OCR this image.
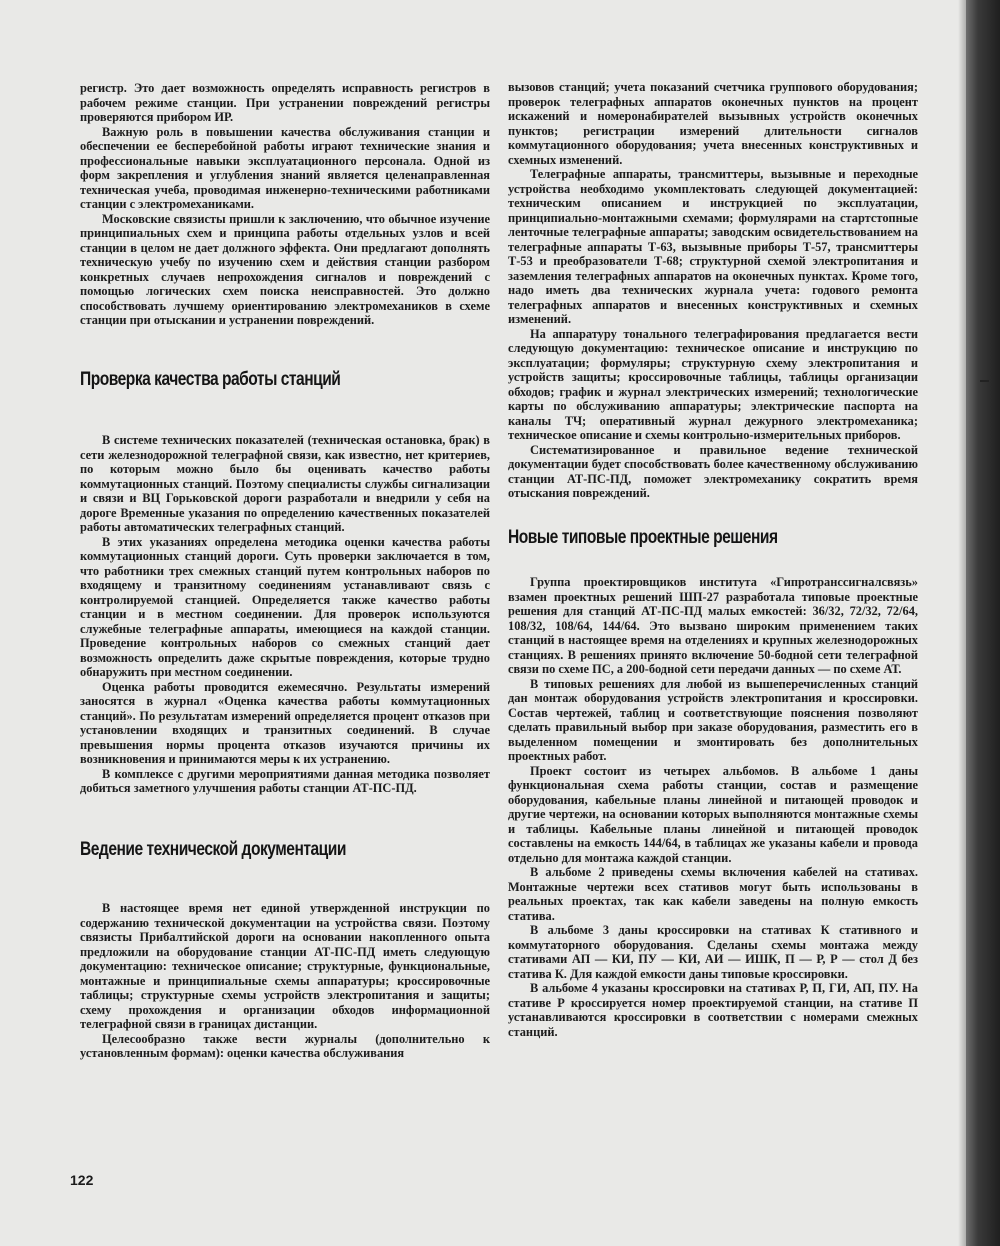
регистр. Это дает возможность определять исправность регистров в рабочем режиме станции. При устранении повреждений регистры проверяются прибором ИР.

Важную роль в повышении качества обслуживания станции и обеспечении ее бесперебойной работы играют технические знания и профессиональные навыки эксплуатационного персонала. Одной из форм закрепления и углубления знаний является целенаправленная техническая учеба, проводимая инженерно-техническими работниками станции с электромеханиками.

Московские связисты пришли к заключению, что обычное изучение принципиальных схем и принципа работы отдельных узлов и всей станции в целом не дает должного эффекта. Они предлагают дополнять техническую учебу по изучению схем и действия станции разбором конкретных случаев непрохождения сигналов и повреждений с помощью логических схем поиска неисправностей. Это должно способствовать лучшему ориентированию электромехаников в схеме станции при отыскании и устранении повреждений.

Проверка качества работы станций

В системе технических показателей (техническая остановка, брак) в сети железнодорожной телеграфной связи, как известно, нет критериев, по которым можно было бы оценивать качество работы коммутационных станций. Поэтому специалисты службы сигнализации и связи и ВЦ Горьковской дороги разработали и внедрили у себя на дороге Временные указания по определению качественных показателей работы автоматических телеграфных станций.

В этих указаниях определена методика оценки качества работы коммутационных станций дороги. Суть проверки заключается в том, что работники трех смежных станций путем контрольных наборов по входящему и транзитному соединениям устанавливают связь с контролируемой станцией. Определяется также качество работы станции и в местном соединении. Для проверок используются служебные телеграфные аппараты, имеющиеся на каждой станции. Проведение контрольных наборов со смежных станций дает возможность определить даже скрытые повреждения, которые трудно обнаружить при местном соединении.

Оценка работы проводится ежемесячно. Результаты измерений заносятся в журнал «Оценка качества работы коммутационных станций». По результатам измерений определяется процент отказов при установлении входящих и транзитных соединений. В случае превышения нормы процента отказов изучаются причины их возникновения и принимаются меры к их устранению.

В комплексе с другими мероприятиями данная методика позволяет добиться заметного улучшения работы станции АТ-ПС-ПД.

Ведение технической документации

В настоящее время нет единой утвержденной инструкции по содержанию технической документации на устройства связи. Поэтому связисты Прибалтийской дороги на основании накопленного опыта предложили на оборудование станции АТ-ПС-ПД иметь следующую документацию: техническое описание; структурные, функциональные, монтажные и принципиальные схемы аппаратуры; кроссировочные таблицы; структурные схемы устройств электропитания и защиты; схему прохождения и организации обходов информационной телеграфной связи в границах дистанции.

Целесообразно также вести журналы (дополнительно к установленным формам): оценки качества обслуживания

вызовов станций; учета показаний счетчика группового оборудования; проверок телеграфных аппаратов оконечных пунктов на процент искажений и номеронабирателей вызывных устройств оконечных пунктов; регистрации измерений длительности сигналов коммутационного оборудования; учета внесенных конструктивных и схемных изменений.

Телеграфные аппараты, трансмиттеры, вызывные и переходные устройства необходимо укомплектовать следующей документацией: техническим описанием и инструкцией по эксплуатации, принципиально-монтажными схемами; формулярами на стартстопные ленточные телеграфные аппараты; заводским освидетельствованием на телеграфные аппараты Т-63, вызывные приборы Т-57, трансмиттеры Т-53 и преобразователи Т-68; структурной схемой электропитания и заземления телеграфных аппаратов на оконечных пунктах. Кроме того, надо иметь два технических журнала учета: годового ремонта телеграфных аппаратов и внесенных конструктивных и схемных изменений.

На аппаратуру тонального телеграфирования предлагается вести следующую документацию: техническое описание и инструкцию по эксплуатации; формуляры; структурную схему электропитания и устройств защиты; кроссировочные таблицы, таблицы организации обходов; график и журнал электрических измерений; технологические карты по обслуживанию аппаратуры; электрические паспорта на каналы ТЧ; оперативный журнал дежурного электромеханика; техническое описание и схемы контрольно-измерительных приборов.

Систематизированное и правильное ведение технической документации будет способствовать более качественному обслуживанию станции АТ-ПС-ПД, поможет электромеханику сократить время отыскания повреждений.

Новые типовые проектные решения

Группа проектировщиков института «Гипротранссигналсвязь» взамен проектных решений ШП-27 разработала типовые проектные решения для станций АТ-ПС-ПД малых емкостей: 36/32, 72/32, 72/64, 108/32, 108/64, 144/64. Это вызвано широким применением таких станций в настоящее время на отделениях и крупных железнодорожных станциях. В решениях принято включение 50-бодной сети телеграфной связи по схеме ПС, а 200-бодной сети передачи данных — по схеме АТ.

В типовых решениях для любой из вышеперечисленных станций дан монтаж оборудования устройств электропитания и кроссировки. Состав чертежей, таблиц и соответствующие пояснения позволяют сделать правильный выбор при заказе оборудования, разместить его в выделенном помещении и змонтировать без дополнительных проектных работ.

Проект состоит из четырех альбомов. В альбоме 1 даны функциональная схема работы станции, состав и размещение оборудования, кабельные планы линейной и питающей проводок и другие чертежи, на основании которых выполняются монтажные схемы и таблицы. Кабельные планы линейной и питающей проводок составлены на емкость 144/64, в таблицах же указаны кабели и провода отдельно для монтажа каждой станции.

В альбоме 2 приведены схемы включения кабелей на стативах. Монтажные чертежи всех стативов могут быть использованы в реальных проектах, так как кабели заведены на полную емкость статива.

В альбоме 3 даны кроссировки на стативах К стативного и коммутаторного оборудования. Сделаны схемы монтажа между стативами АП — КИ, ПУ — КИ, АИ — ИШК, П — Р, Р — стол Д без статива К. Для каждой емкости даны типовые кроссировки.

В альбоме 4 указаны кроссировки на стативах Р, П, ГИ, АП, ПУ. На стативе Р кроссируется номер проектируемой станции, на стативе П устанавливаются кроссировки в соответствии с номерами смежных станций.

122
